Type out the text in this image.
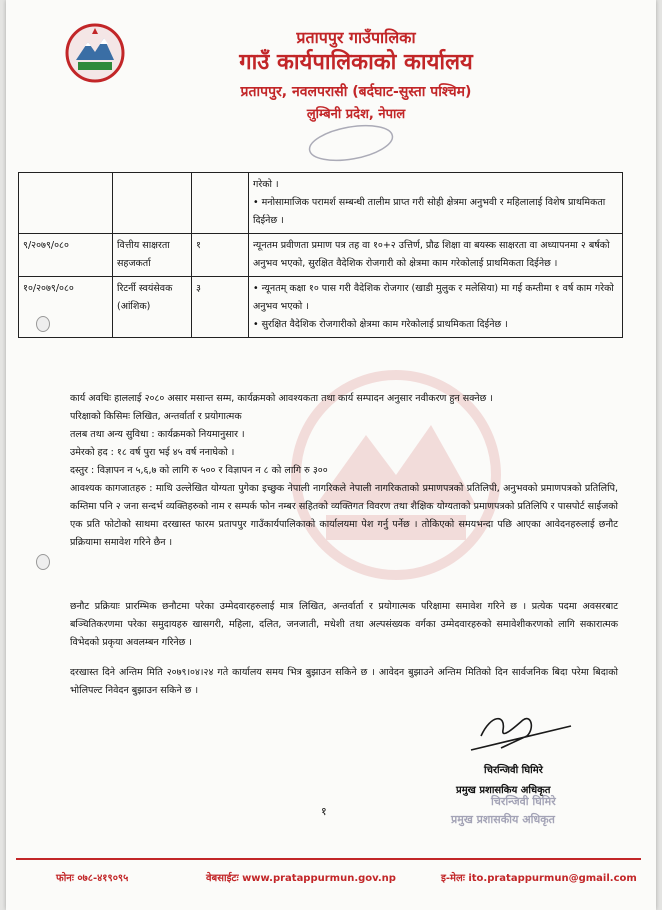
प्रतापपुर गाउँपालिका
गाउँ कार्यपालिकाको कार्यालय
प्रतापपुर, नवलपरासी (बर्दघाट-सुस्ता पश्चिम)
लुम्बिनी प्रदेश, नेपाल

			गरेको ।
• मनोसामाजिक परामर्श सम्बन्धी तालीम प्राप्त गरी सोही क्षेत्रमा अनुभवी र महिलालाई विशेष प्राथमिकता दिईनेछ ।

९/२०७९/०८०	वित्तीय साक्षरता सहजकर्ता	१	न्यूनतम प्रवीणता प्रमाण पत्र तह वा १०+२ उत्तिर्ण, प्रौढ शिक्षा वा बयस्क साक्षरता वा अध्यापनमा २ बर्षको अनुभव भएको, सुरक्षित वैदेशिक रोजगारी को क्षेत्रमा काम गरेकोलाई प्राथमिकता दिईनेछ ।

१०/२०७९/०८०	रिटर्नी स्वयंसेवक (आंशिक)	३	• न्यूनतम् कक्षा १० पास गरी वैदेशिक रोजगार (खाडी मुलुक र मलेसिया) मा गई कम्तीमा १ वर्ष काम गरेको अनुभव भएको ।
• सुरक्षित वैदेशिक रोजगारीको क्षेत्रमा काम गरेकोलाई प्राथमिकता दिईनेछ ।
कार्य अवधिः हाललाई २०८० असार मसान्त सम्म, कार्यक्रमको आवश्यकता तथा कार्य सम्पादन अनुसार नवीकरण हुन सक्नेछ ।
परिक्षाको किसिमः लिखित, अन्तर्वार्ता र प्रयोगात्मक
तलब तथा अन्य सुविधा : कार्यक्रमको नियमानुसार ।
उमेरको हद : १८ वर्ष पुरा भई ४५ वर्ष ननाघेको ।
दस्तुर : विज्ञापन न ५,६,७ को लागि रु ५०० र विज्ञापन न ८ को लागि रु ३००
आवश्यक कागजातहरु : माथि उल्लेखित योग्यता पुगेका इच्छुक नेपाली नागरिकले नेपाली नागरिकताको प्रमाणपत्रको प्रतिलिपी, अनुभवको प्रमाणपत्रको प्रतिलिपि, कम्तिमा पनि २ जना सन्दर्भ व्यक्तिहरुको नाम र सम्पर्क फोन नम्बर सहितको व्यक्तिगत विवरण तथा शैक्षिक योग्यताको प्रमाणपत्रको प्रतिलिपि र पासपोर्ट साईजको एक प्रति फोटोको साथमा दरखास्त फारम प्रतापपुर गाउँकार्यपालिकाको कार्यालयमा पेश गर्नु पर्नेछ । तोकिएको समयभन्दा पछि आएका आवेदनहरुलाई छनौट प्रक्रियामा समावेश गरिने छैन ।
छनौट प्रक्रियाः प्रारम्भिक छनौटमा परेका उम्मेदवारहरुलाई मात्र लिखित, अन्तर्वार्ता र प्रयोगात्मक परिक्षामा समावेश गरिने छ । प्रत्येक पदमा अवसरबाट बञ्चितिकरणमा परेका समुदायहरु खासगरी, महिला, दलित, जनजाती, मधेशी तथा अल्पसंख्यक वर्गका उम्मेदवारहरुको समावेशीकरणको लागि सकारात्मक विभेदको प्रकृया अवलम्बन गरिनेछ ।
दरखास्त दिने अन्तिम मिति २०७९।०४।२४ गते कार्यालय समय भित्र बुझाउन सकिने छ । आवेदन बुझाउने अन्तिम मितिको दिन सार्वजनिक बिदा परेमा बिदाको भोलिपल्ट निवेदन बुझाउन सकिने छ ।
चिरन्जिवी घिमिरे
प्रमुख प्रशासकिय अधिकृत
चिरन्जिवी घिमिरे
प्रमुख प्रशासकीय अधिकृत
१
फोनः ०७८-४१९०९५	वेबसाईटः www.pratappurmun.gov.np	इ-मेलः ito.pratappurmun@gmail.com
